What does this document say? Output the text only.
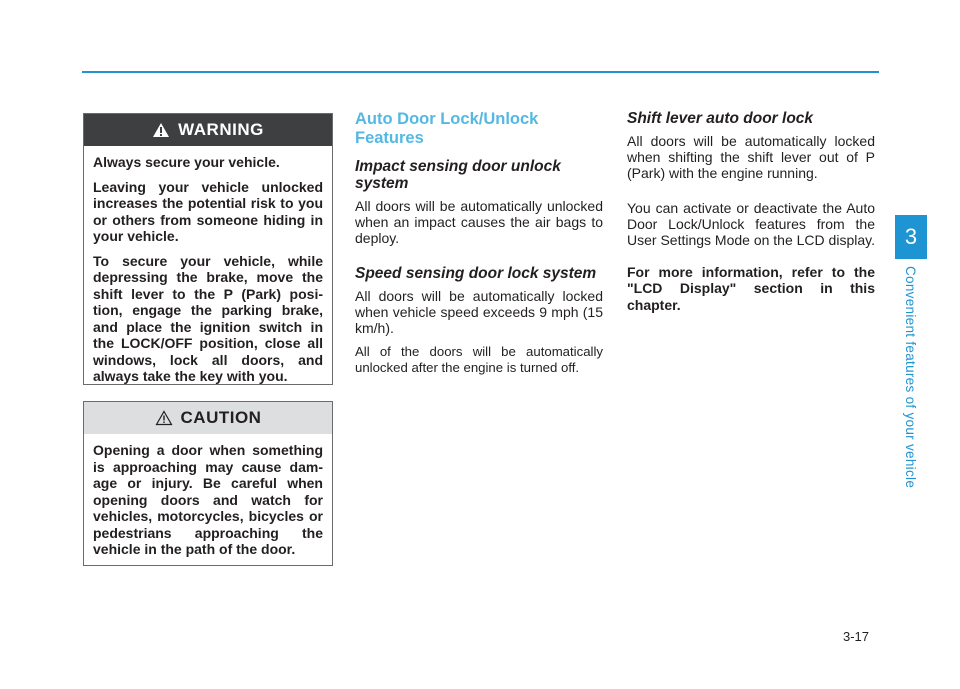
3
Convenient features of your vehicle
WARNING

Always secure your vehicle.

Leaving your vehicle unlocked increases the potential risk to you or others from someone hiding in your vehicle.

To secure your vehicle, while depressing the brake, move the shift lever to the P (Park) posi-tion, engage the parking brake, and place the ignition switch in the LOCK/OFF position, close all windows, lock all doors, and always take the key with you.

CAUTION

Opening a door when something is approaching may cause dam-age or injury. Be careful when opening doors and watch for vehicles, motorcycles, bicycles or pedestrians approaching the vehicle in the path of the door.

Auto Door Lock/Unlock Features
Impact sensing door unlock system

All doors will be automatically unlocked when an impact causes the air bags to deploy.

Speed sensing door lock system

All doors will be automatically locked when vehicle speed exceeds 9 mph (15 km/h).

All of the doors will be automatically unlocked after the engine is turned off.

Shift lever auto door lock

All doors will be automatically locked when shifting the shift lever out of P (Park) with the engine running.

You can activate or deactivate the Auto Door Lock/Unlock features from the User Settings Mode on the LCD display.

For more information, refer to the "LCD Display" section in this chapter.

3-17
